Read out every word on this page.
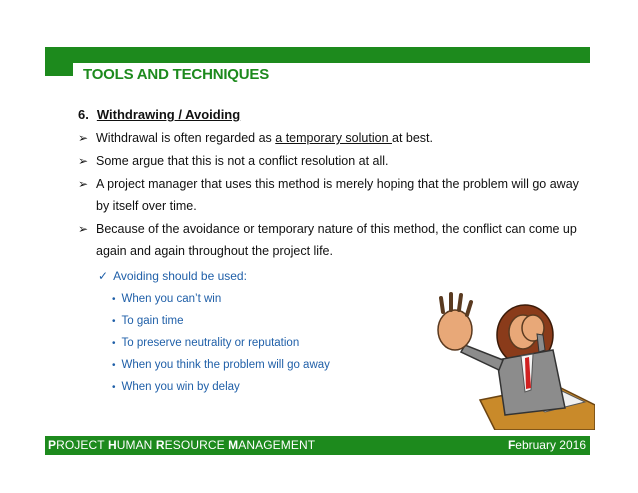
TOOLS AND TECHNIQUES
6. Withdrawing / Avoiding
➢ Withdrawal is often regarded as a temporary solution at best.
➢ Some argue that this is not a conflict resolution at all.
➢ A project manager that uses this method is merely hoping that the problem will go away by itself over time.
➢ Because of the avoidance or temporary nature of this method, the conflict can come up again and again throughout the project life.
✓ Avoiding should be used:
• When you can’t win
• To gain time
• To preserve neutrality or reputation
• When you think the problem will go away
• When you win by delay
PROJECT HUMAN RESOURCE MANAGEMENT	February 2016
